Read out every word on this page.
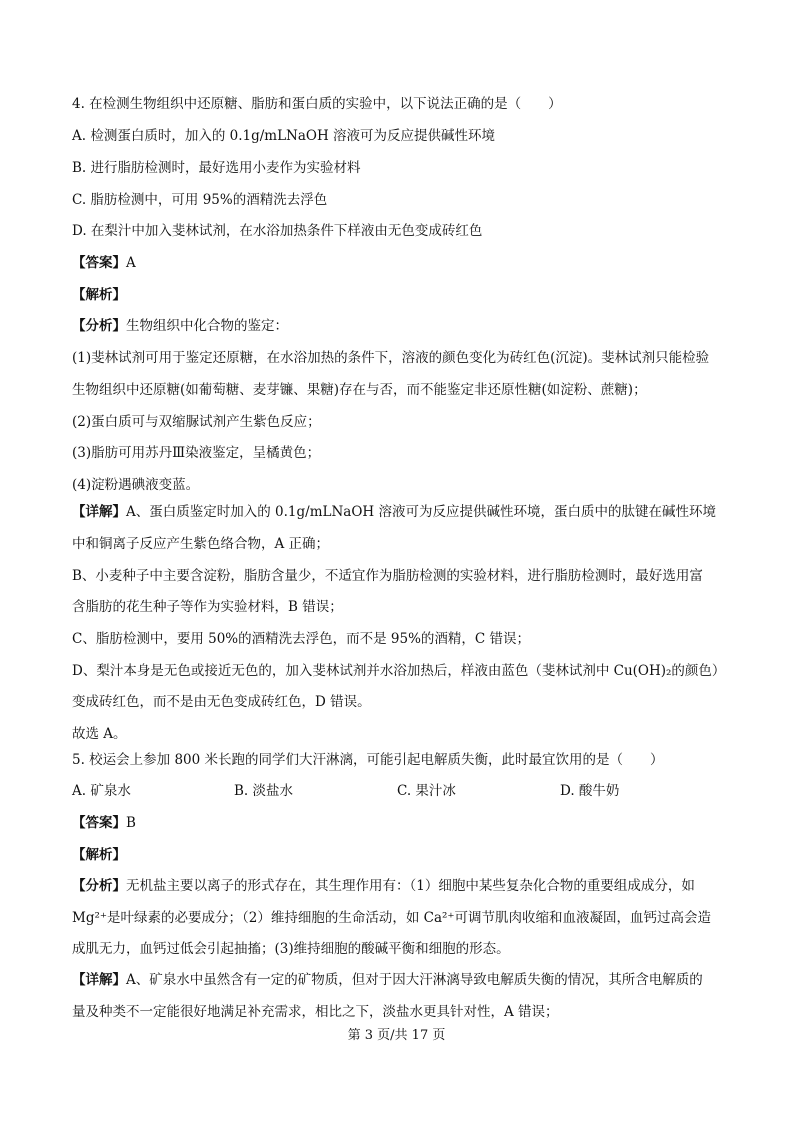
4. 在检测生物组织中还原糖、脂肪和蛋白质的实验中，以下说法正确的是（　　）
A. 检测蛋白质时，加入的 0.1g/mLNaOH 溶液可为反应提供碱性环境
B. 进行脂肪检测时，最好选用小麦作为实验材料
C. 脂肪检测中，可用 95%的酒精洗去浮色
D. 在梨汁中加入斐林试剂，在水浴加热条件下样液由无色变成砖红色
【答案】A
【解析】
【分析】生物组织中化合物的鉴定：
(1)斐林试剂可用于鉴定还原糖，在水浴加热的条件下，溶液的颜色变化为砖红色(沉淀)。斐林试剂只能检验
生物组织中还原糖(如葡萄糖、麦芽镰、果糖)存在与否，而不能鉴定非还原性糖(如淀粉、蔗糖)；
(2)蛋白质可与双缩脲试剂产生紫色反应；
(3)脂肪可用苏丹Ⅲ染液鉴定，呈橘黄色；
(4)淀粉遇碘液变蓝。
【详解】A、蛋白质鉴定时加入的 0.1g/mLNaOH 溶液可为反应提供碱性环境，蛋白质中的肽键在碱性环境
中和铜离子反应产生紫色络合物，A 正确；
B、小麦种子中主要含淀粉，脂肪含量少，不适宜作为脂肪检测的实验材料，进行脂肪检测时，最好选用富
含脂肪的花生种子等作为实验材料，B 错误；
C、脂肪检测中，要用 50%的酒精洗去浮色，而不是 95%的酒精，C 错误；
D、梨汁本身是无色或接近无色的，加入斐林试剂并水浴加热后，样液由蓝色（斐林试剂中 Cu(OH)₂的颜色）
变成砖红色，而不是由无色变成砖红色，D 错误。
故选 A。
5. 校运会上参加 800 米长跑的同学们大汗淋漓，可能引起电解质失衡，此时最宜饮用的是（　　）
A. 矿泉水	B. 淡盐水	C. 果汁冰	D. 酸牛奶
【答案】B
【解析】
【分析】无机盐主要以离子的形式存在，其生理作用有：（1）细胞中某些复杂化合物的重要组成成分，如
Mg²⁺是叶绿素的必要成分；（2）维持细胞的生命活动，如 Ca²⁺可调节肌肉收缩和血液凝固，血钙过高会造
成肌无力，血钙过低会引起抽搐；(3)维持细胞的酸碱平衡和细胞的形态。
【详解】A、矿泉水中虽然含有一定的矿物质，但对于因大汗淋漓导致电解质失衡的情况，其所含电解质的
量及种类不一定能很好地满足补充需求，相比之下，淡盐水更具针对性，A 错误；
第 3 页/共 17 页
